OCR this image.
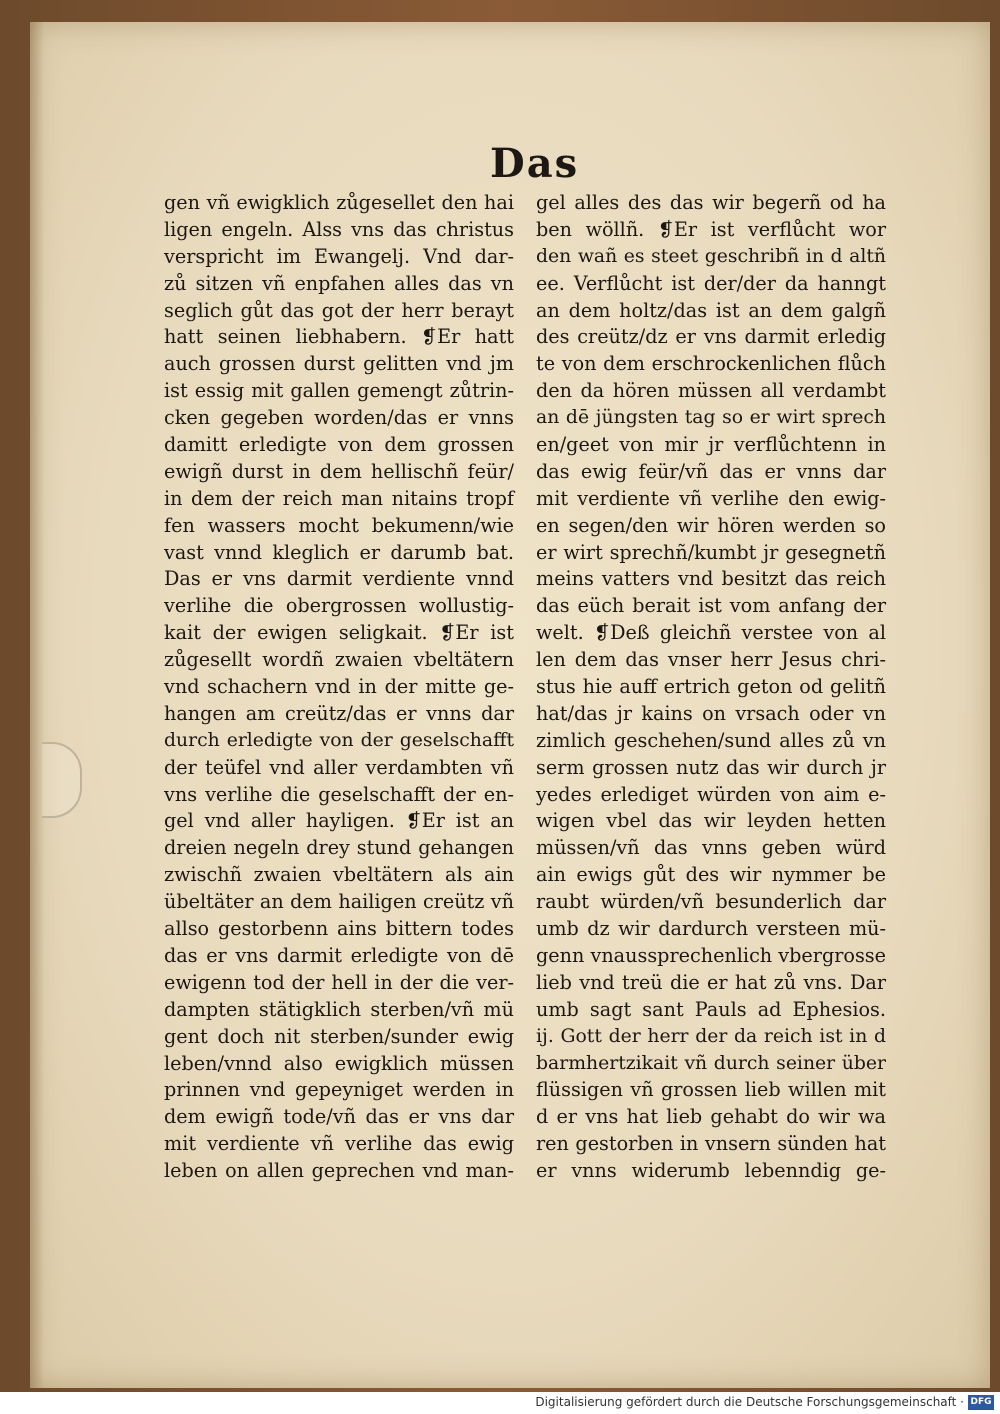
Das
gen vñ ewigklich zůgesellet den hai
ligen engeln. Alss vns das christus
verspricht im Ewangelj. Vnd dar-
zů sitzen vñ enpfahen alles das vn
seglich gůt das got der herr berayt
hatt seinen liebhabern. ❡Er hatt
auch grossen durst gelitten vnd jm
ist essig mit gallen gemengt zůtrin-
cken gegeben worden/das er vnns
damitt erledigte von dem grossen
ewigñ durst in dem hellischñ feür/
in dem der reich man nitains tropf
fen wassers mocht bekumenn/wie
vast vnnd kleglich er darumb bat.
Das er vns darmit verdiente vnnd
verlihe die obergrossen wollustig-
kait der ewigen seligkait. ❡Er ist
zůgesellt wordñ zwaien vbeltätern
vnd schachern vnd in der mitte ge-
hangen am creütz/das er vnns dar
durch erledigte von der geselschafft
der teüfel vnd aller verdambten vñ
vns verlihe die geselschafft der en-
gel vnd aller hayligen. ❡Er ist an
dreien negeln drey stund gehangen
zwischñ zwaien vbeltätern als ain
übeltäter an dem hailigen creütz vñ
allso gestorbenn ains bittern todes
das er vns darmit erledigte von dē
ewigenn tod der hell in der die ver-
dampten stätigklich sterben/vñ mü
gent doch nit sterben/sunder ewig
leben/vnnd also ewigklich müssen
prinnen vnd gepeyniget werden in
dem ewigñ tode/vñ das er vns dar
mit verdiente vñ verlihe das ewig
leben on allen geprechen vnd man-
gel alles des das wir begerñ od ha
ben wöllñ. ❡Er ist verflůcht wor
den wañ es steet geschribñ in d altñ
ee. Verflůcht ist der/der da hanngt
an dem holtz/das ist an dem galgñ
des creütz/dz er vns darmit erledig
te von dem erschrockenlichen flůch
den da hören müssen all verdambt
an dē jüngsten tag so er wirt sprech
en/geet von mir jr verflůchtenn in
das ewig feür/vñ das er vnns dar
mit verdiente vñ verlihe den ewig-
en segen/den wir hören werden so
er wirt sprechñ/kumbt jr gesegnetñ
meins vatters vnd besitzt das reich
das eüch berait ist vom anfang der
welt. ❡Deß gleichñ verstee von al
len dem das vnser herr Jesus chri-
stus hie auff ertrich geton od gelitñ
hat/das jr kains on vrsach oder vn
zimlich geschehen/sund alles zů vn
serm grossen nutz das wir durch jr
yedes erlediget würden von aim e-
wigen vbel das wir leyden hetten
müssen/vñ das vnns geben würd
ain ewigs gůt des wir nymmer be
raubt würden/vñ besunderlich dar
umb dz wir dardurch versteen mü-
genn vnaussprechenlich vbergrosse
lieb vnd treü die er hat zů vns. Dar
umb sagt sant Pauls ad Ephesios.
ij. Gott der herr der da reich ist in d
barmhertzikait vñ durch seiner über
flüssigen vñ grossen lieb willen mit
d er vns hat lieb gehabt do wir wa
ren gestorben in vnsern sünden hat
er vnns widerumb lebenndig ge-
Digitalisierung gefördert durch die Deutsche Forschungsgemeinschaft · DFG
